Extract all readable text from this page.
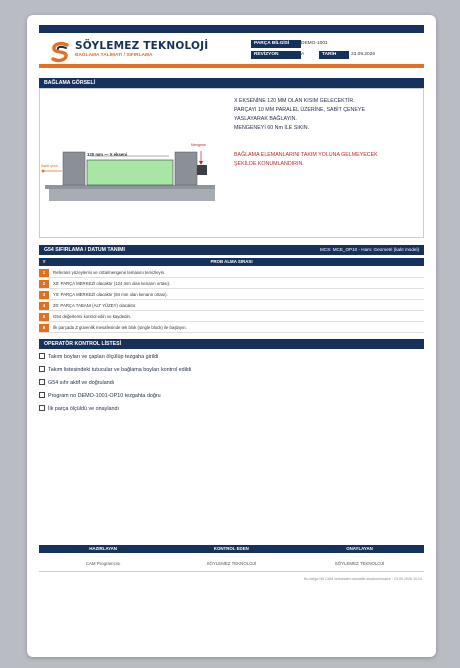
SÖYLEMEZ TEKNOLOJİ
BAĞLAMA TALİMATI / SIFIRLAMA
PARÇA BİLGİSİ	DEMO-1001
REVİZYON	A	TARİH	23.09.2026
BAĞLAMA GÖRSELİ
120 mm — X ekseni
Sabit çene
Mengene
X EKSENİNE 120 MM OLAN KISIM GELECEKTİR.
PARÇAYI 10 MM PARALEL ÜZERİNE, SABİT ÇENEYE
YASLAYARAK BAĞLAYIN.
MENGENEYİ 60 Nm İLE SIKIN.
BAĞLAMA ELEMANLARINI TAKIM YOLUNA GELMEYECEK
ŞEKİLDE KONUMLANDIRIN.
G54 SIFIRLAMA / DATUM TANIMI	MCS: MCE_OP10 - Ham: Geometri (kalıt model)
#	PROB ALMA SIRASI
1	Referans yüzeylerini ve cıtta/mengene temasını temizleyin.
2	X0: PARÇA MERKEZİ olacaktır (124 mm olan kenarın ortası).
3	Y0: PARÇA MERKEZİ olacaktır (84 mm olan kenarın ortası).
4	Z0: PARÇA TABANI (ALT YÜZEY) olacaktır.
5	G54 değerlerini kontrol edin ve kaydedin.
6	İlk parçada Z güvenlik mesafesinde tek blok (single block) ile başlayın.
OPERATÖR KONTROL LİSTESİ
Takım boyları ve çapları ölçülüp tezgaha girildi
Takım listesindeki tutucular ve bağlama boyları kontrol edildi
G54 sıfır aktif ve doğrulandı
Program no DEMO-1001-OP10 tezgahta doğru
İlk parça ölçüldü ve onaylandı
HAZIRLAYAN	KONTROL EDEN	ONAYLAYAN
CAM Programcısı	SÖYLEMEZ TEKNOLOJİ	SÖYLEMEZ TEKNOLOJİ
Bu belge NX CAM verisinden otomatik oluşturulmuştur · 23.09.2026 10:24
